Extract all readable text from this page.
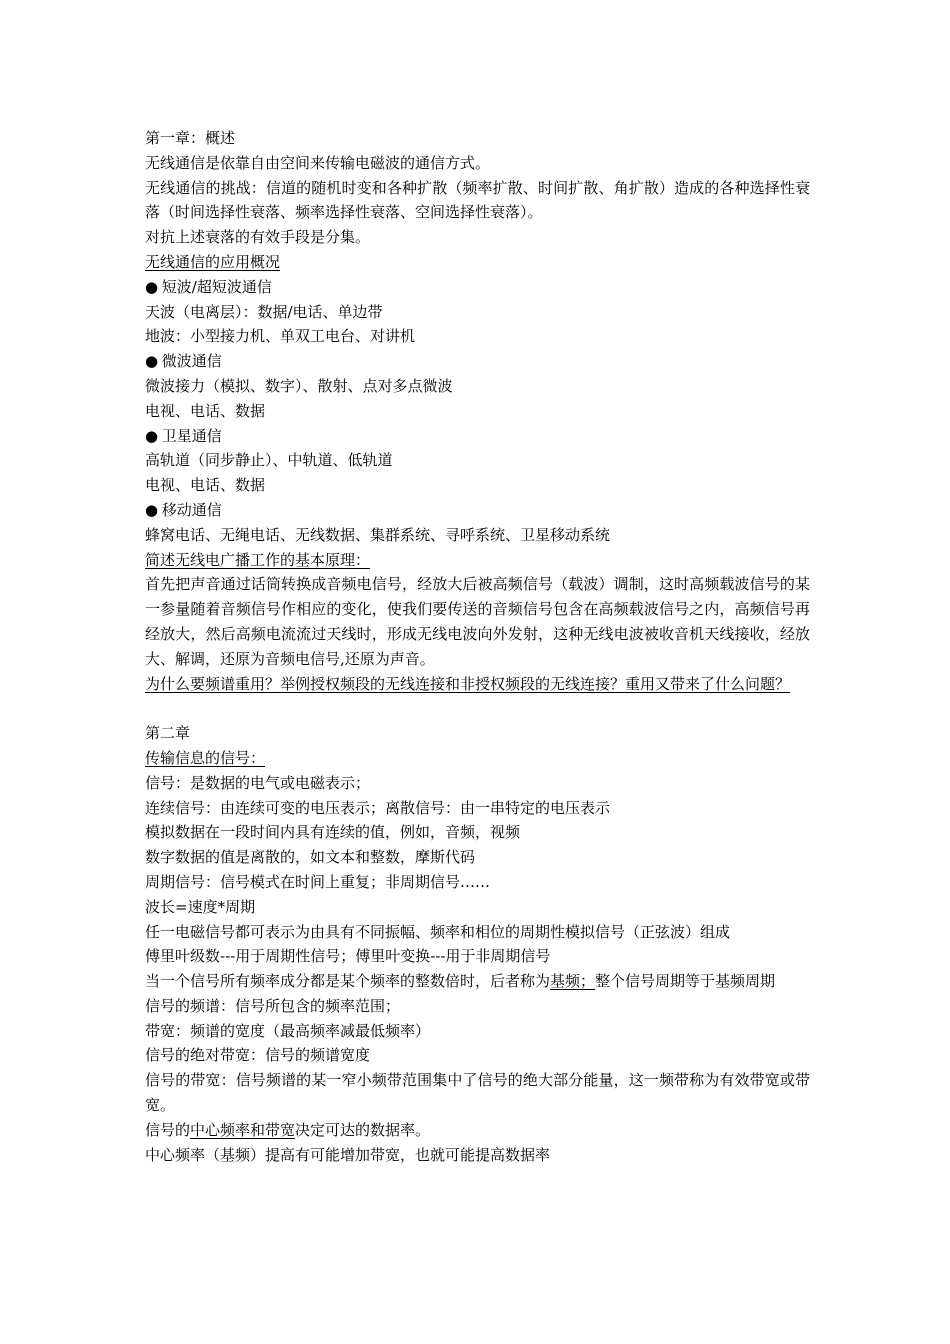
第一章：概述
无线通信是依靠自由空间来传输电磁波的通信方式。
无线通信的挑战：信道的随机时变和各种扩散（频率扩散、时间扩散、角扩散）造成的各种选择性衰落（时间选择性衰落、频率选择性衰落、空间选择性衰落）。
对抗上述衰落的有效手段是分集。
无线通信的应用概况
● 短波/超短波通信
天波（电离层）：数据/电话、单边带
地波：小型接力机、单双工电台、对讲机
● 微波通信
微波接力（模拟、数字）、散射、点对多点微波
电视、电话、数据
● 卫星通信
高轨道（同步静止）、中轨道、低轨道
电视、电话、数据
● 移动通信
蜂窝电话、无绳电话、无线数据、集群系统、寻呼系统、卫星移动系统
简述无线电广播工作的基本原理：
首先把声音通过话筒转换成音频电信号，经放大后被高频信号（载波）调制，这时高频载波信号的某一参量随着音频信号作相应的变化，使我们要传送的音频信号包含在高频载波信号之内，高频信号再经放大，然后高频电流流过天线时，形成无线电波向外发射，这种无线电波被收音机天线接收，经放大、解调，还原为音频电信号,还原为声音。
为什么要频谱重用？举例授权频段的无线连接和非授权频段的无线连接？重用又带来了什么问题？
第二章
传输信息的信号：
信号：是数据的电气或电磁表示；
连续信号：由连续可变的电压表示；离散信号：由一串特定的电压表示
模拟数据在一段时间内具有连续的值，例如，音频，视频
数字数据的值是离散的，如文本和整数，摩斯代码
周期信号：信号模式在时间上重复；非周期信号……
波长=速度*周期
任一电磁信号都可表示为由具有不同振幅、频率和相位的周期性模拟信号（正弦波）组成
傅里叶级数---用于周期性信号；傅里叶变换---用于非周期信号
当一个信号所有频率成分都是某个频率的整数倍时，后者称为基频；整个信号周期等于基频周期
信号的频谱：信号所包含的频率范围；
带宽：频谱的宽度（最高频率减最低频率）
信号的绝对带宽：信号的频谱宽度
信号的带宽：信号频谱的某一窄小频带范围集中了信号的绝大部分能量，这一频带称为有效带宽或带宽。
信号的中心频率和带宽决定可达的数据率。
中心频率（基频）提高有可能增加带宽，也就可能提高数据率
